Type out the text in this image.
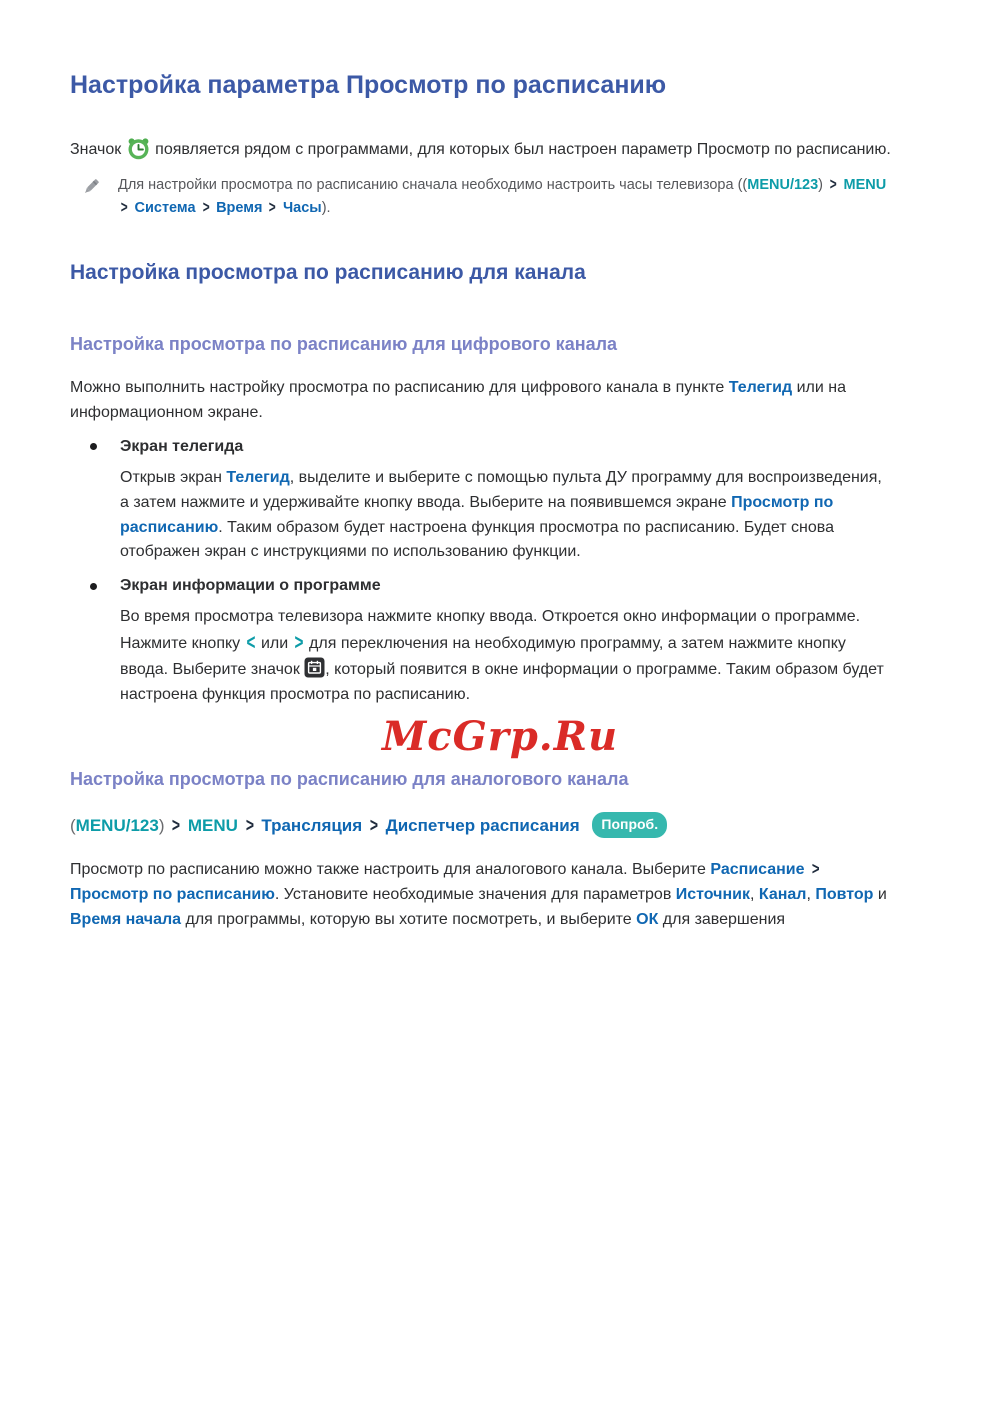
Настройка параметра Просмотр по расписанию

Значок  появляется рядом с программами, для которых был настроен параметр Просмотр по расписанию.

Для настройки просмотра по расписанию сначала необходимо настроить часы телевизора ((MENU/123) > MENU
> Система > Время > Часы).

Настройка просмотра по расписанию для канала
Настройка просмотра по расписанию для цифрового канала

Можно выполнить настройку просмотра по расписанию для цифрового канала в пункте Телегид или на
информационном экране.

Экран телегида

Открыв экран Телегид, выделите и выберите с помощью пульта ДУ программу для воспроизведения,
а затем нажмите и удерживайте кнопку ввода. Выберите на появившемся экране Просмотр по
расписанию. Таким образом будет настроена функция просмотра по расписанию. Будет снова
отображен экран с инструкциями по использованию функции.

Экран информации о программе

Во время просмотра телевизора нажмите кнопку ввода. Откроется окно информации о программе.
Нажмите кнопку < или > для переключения на необходимую программу, а затем нажмите кнопку
ввода. Выберите значок , который появится в окне информации о программе. Таким образом будет
настроена функция просмотра по расписанию.

McGrp.Ru
Настройка просмотра по расписанию для аналогового канала

(MENU/123) > MENU > Трансляция > Диспетчер расписания Попроб.

Просмотр по расписанию можно также настроить для аналогового канала. Выберите Расписание >
Просмотр по расписанию. Установите необходимые значения для параметров Источник, Канал, Повтор и
Время начала для программы, которую вы хотите посмотреть, и выберите ОК для завершения
